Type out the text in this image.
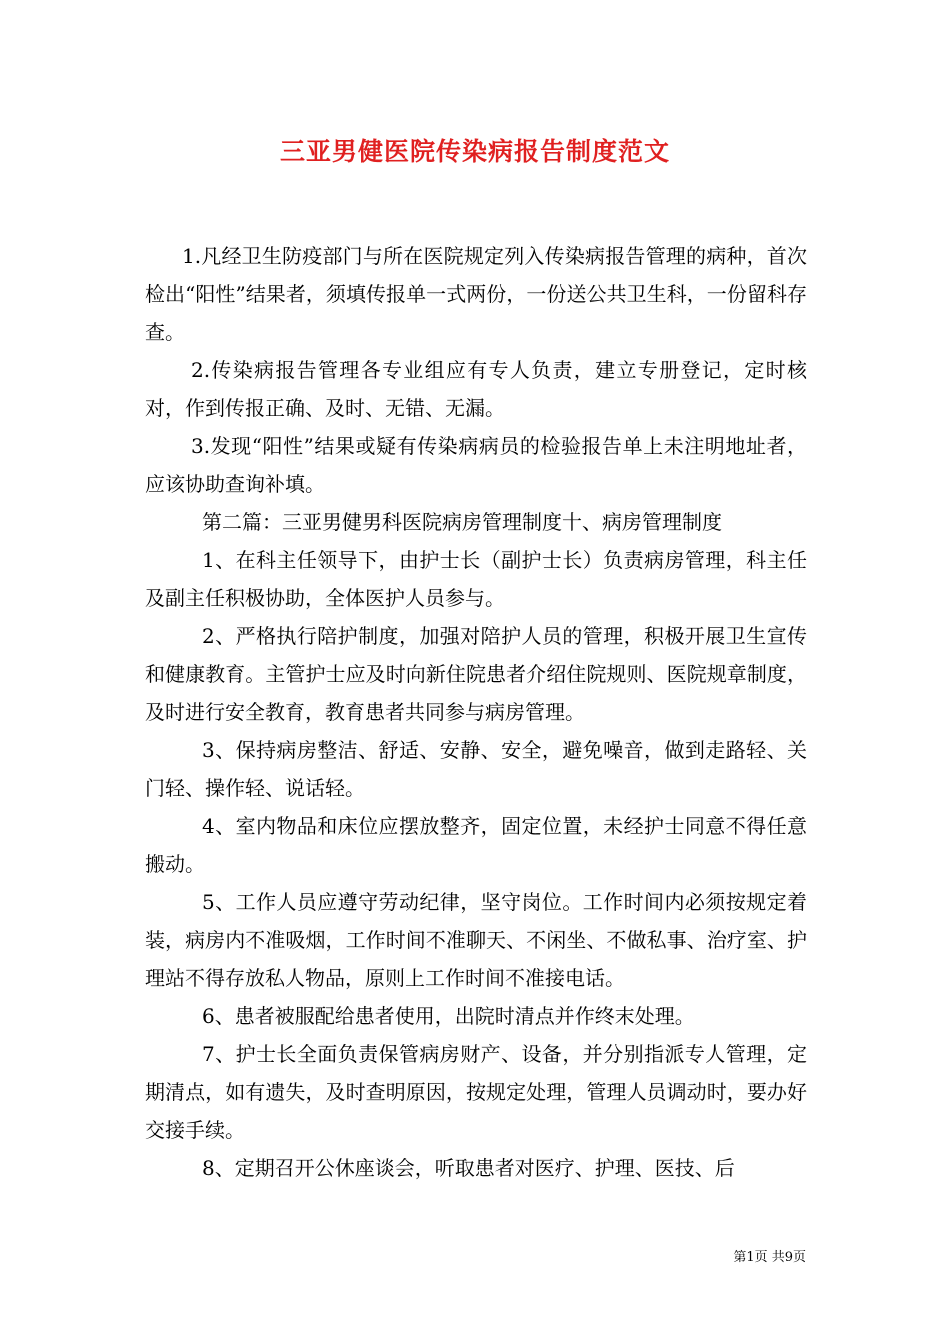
三亚男健医院传染病报告制度范文

1.凡经卫生防疫部门与所在医院规定列入传染病报告管理的病种，首次检出“阳性”结果者，须填传报单一式两份，一份送公共卫生科，一份留科存查。

2.传染病报告管理各专业组应有专人负责，建立专册登记，定时核对，作到传报正确、及时、无错、无漏。

3.发现“阳性”结果或疑有传染病病员的检验报告单上未注明地址者，应该协助查询补填。

第二篇：三亚男健男科医院病房管理制度十、病房管理制度

1、在科主任领导下，由护士长（副护士长）负责病房管理，科主任及副主任积极协助，全体医护人员参与。

2、严格执行陪护制度，加强对陪护人员的管理，积极开展卫生宣传和健康教育。主管护士应及时向新住院患者介绍住院规则、医院规章制度，及时进行安全教育，教育患者共同参与病房管理。

3、保持病房整洁、舒适、安静、安全，避免噪音，做到走路轻、关门轻、操作轻、说话轻。

4、室内物品和床位应摆放整齐，固定位置，未经护士同意不得任意搬动。

5、工作人员应遵守劳动纪律，坚守岗位。工作时间内必须按规定着装，病房内不准吸烟，工作时间不准聊天、不闲坐、不做私事、治疗室、护理站不得存放私人物品，原则上工作时间不准接电话。

6、患者被服配给患者使用，出院时清点并作终末处理。

7、护士长全面负责保管病房财产、设备，并分别指派专人管理，定期清点，如有遗失，及时查明原因，按规定处理，管理人员调动时，要办好交接手续。

8、定期召开公休座谈会，听取患者对医疗、护理、医技、后

第1页 共9页
